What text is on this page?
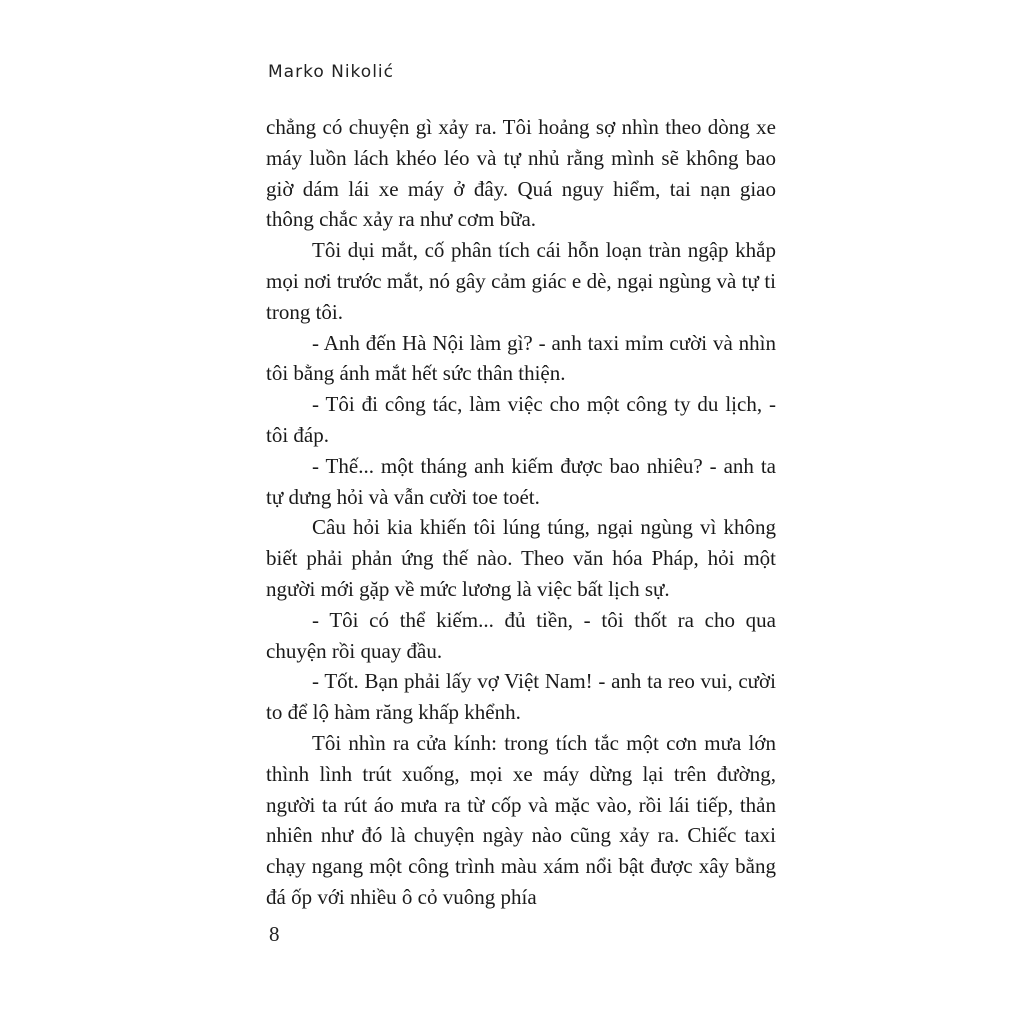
Marko Nikolić

chẳng có chuyện gì xảy ra. Tôi hoảng sợ nhìn theo dòng xe máy luồn lách khéo léo và tự nhủ rằng mình sẽ không bao giờ dám lái xe máy ở đây. Quá nguy hiểm, tai nạn giao thông chắc xảy ra như cơm bữa.

Tôi dụi mắt, cố phân tích cái hỗn loạn tràn ngập khắp mọi nơi trước mắt, nó gây cảm giác e dè, ngại ngùng và tự ti trong tôi.

- Anh đến Hà Nội làm gì? - anh taxi mỉm cười và nhìn tôi bằng ánh mắt hết sức thân thiện.

- Tôi đi công tác, làm việc cho một công ty du lịch, - tôi đáp.

- Thế... một tháng anh kiếm được bao nhiêu? - anh ta tự dưng hỏi và vẫn cười toe toét.

Câu hỏi kia khiến tôi lúng túng, ngại ngùng vì không biết phải phản ứng thế nào. Theo văn hóa Pháp, hỏi một người mới gặp về mức lương là việc bất lịch sự.

- Tôi có thể kiếm... đủ tiền, - tôi thốt ra cho qua chuyện rồi quay đầu.

- Tốt. Bạn phải lấy vợ Việt Nam! - anh ta reo vui, cười to để lộ hàm răng khấp khểnh.

Tôi nhìn ra cửa kính: trong tích tắc một cơn mưa lớn thình lình trút xuống, mọi xe máy dừng lại trên đường, người ta rút áo mưa ra từ cốp và mặc vào, rồi lái tiếp, thản nhiên như đó là chuyện ngày nào cũng xảy ra. Chiếc taxi chạy ngang một công trình màu xám nổi bật được xây bằng đá ốp với nhiều ô cỏ vuông phía

8
